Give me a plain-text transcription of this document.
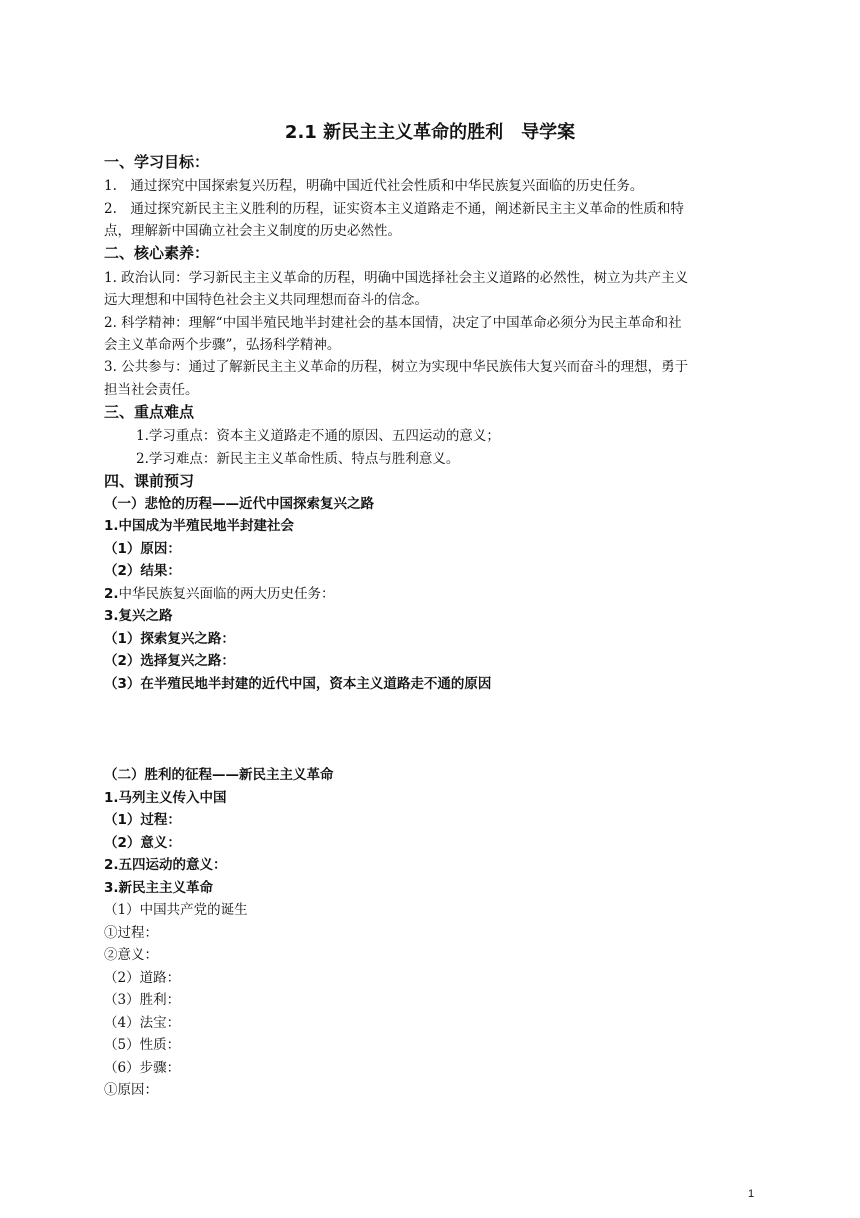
2.1 新民主主义革命的胜利　导学案
一、学习目标：
1.　通过探究中国探索复兴历程，明确中国近代社会性质和中华民族复兴面临的历史任务。
2.　通过探究新民主主义胜利的历程，证实资本主义道路走不通，阐述新民主主义革命的性质和特
点，理解新中国确立社会主义制度的历史必然性。
二、核心素养：
1. 政治认同：学习新民主主义革命的历程，明确中国选择社会主义道路的必然性，树立为共产主义
远大理想和中国特色社会主义共同理想而奋斗的信念。
2. 科学精神：理解“中国半殖民地半封建社会的基本国情，决定了中国革命必须分为民主革命和社
会主义革命两个步骤”，弘扬科学精神。
3. 公共参与：通过了解新民主主义革命的历程，树立为实现中华民族伟大复兴而奋斗的理想，勇于
担当社会责任。
三、重点难点
1.学习重点：资本主义道路走不通的原因、五四运动的意义；
2.学习难点：新民主主义革命性质、特点与胜利意义。
四、课前预习
（一）悲怆的历程——近代中国探索复兴之路
1.中国成为半殖民地半封建社会
（1）原因：
（2）结果：
2.中华民族复兴面临的两大历史任务：
3.复兴之路
（1）探索复兴之路：
（2）选择复兴之路：
（3）在半殖民地半封建的近代中国，资本主义道路走不通的原因
（二）胜利的征程——新民主主义革命
1.马列主义传入中国
（1）过程：
（2）意义：
2.五四运动的意义：
3.新民主主义革命
（1）中国共产党的诞生
①过程：
②意义：
（2）道路：
（3）胜利：
（4）法宝：
（5）性质：
（6）步骤：
①原因：
1
